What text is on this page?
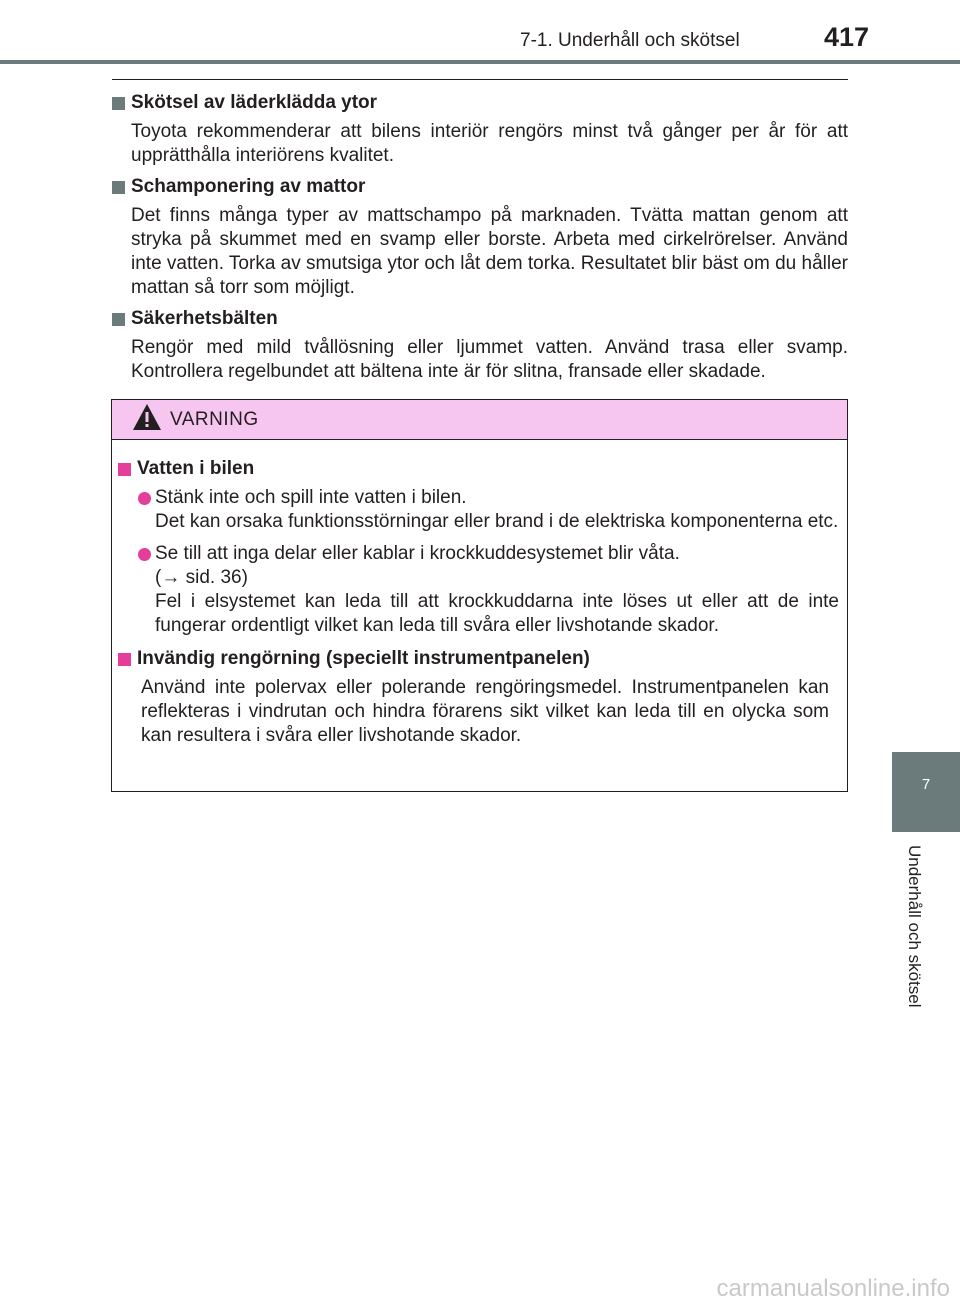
7-1. Underhåll och skötsel	417
Skötsel av läderklädda ytor
Toyota rekommenderar att bilens interiör rengörs minst två gånger per år för att upprätthålla interiörens kvalitet.
Schamponering av mattor
Det finns många typer av mattschampo på marknaden. Tvätta mattan genom att stryka på skummet med en svamp eller borste. Arbeta med cirkelrörelser. Använd inte vatten. Torka av smutsiga ytor och låt dem torka. Resultatet blir bäst om du håller mattan så torr som möjligt.
Säkerhetsbälten
Rengör med mild tvållösning eller ljummet vatten. Använd trasa eller svamp. Kontrollera regelbundet att bältena inte är för slitna, fransade eller skadade.
VARNING
Vatten i bilen
Stänk inte och spill inte vatten i bilen.
Det kan orsaka funktionsstörningar eller brand i de elektriska komponenterna etc.
Se till att inga delar eller kablar i krockkuddesystemet blir våta.
(→ sid. 36)
Fel i elsystemet kan leda till att krockkuddarna inte löses ut eller att de inte fungerar ordentligt vilket kan leda till svåra eller livshotande skador.
Invändig rengörning (speciellt instrumentpanelen)
Använd inte polervax eller polerande rengöringsmedel. Instrumentpanelen kan reflekteras i vindrutan och hindra förarens sikt vilket kan leda till en olycka som kan resultera i svåra eller livshotande skador.
7
Underhåll och skötsel
carmanualsonline.info
